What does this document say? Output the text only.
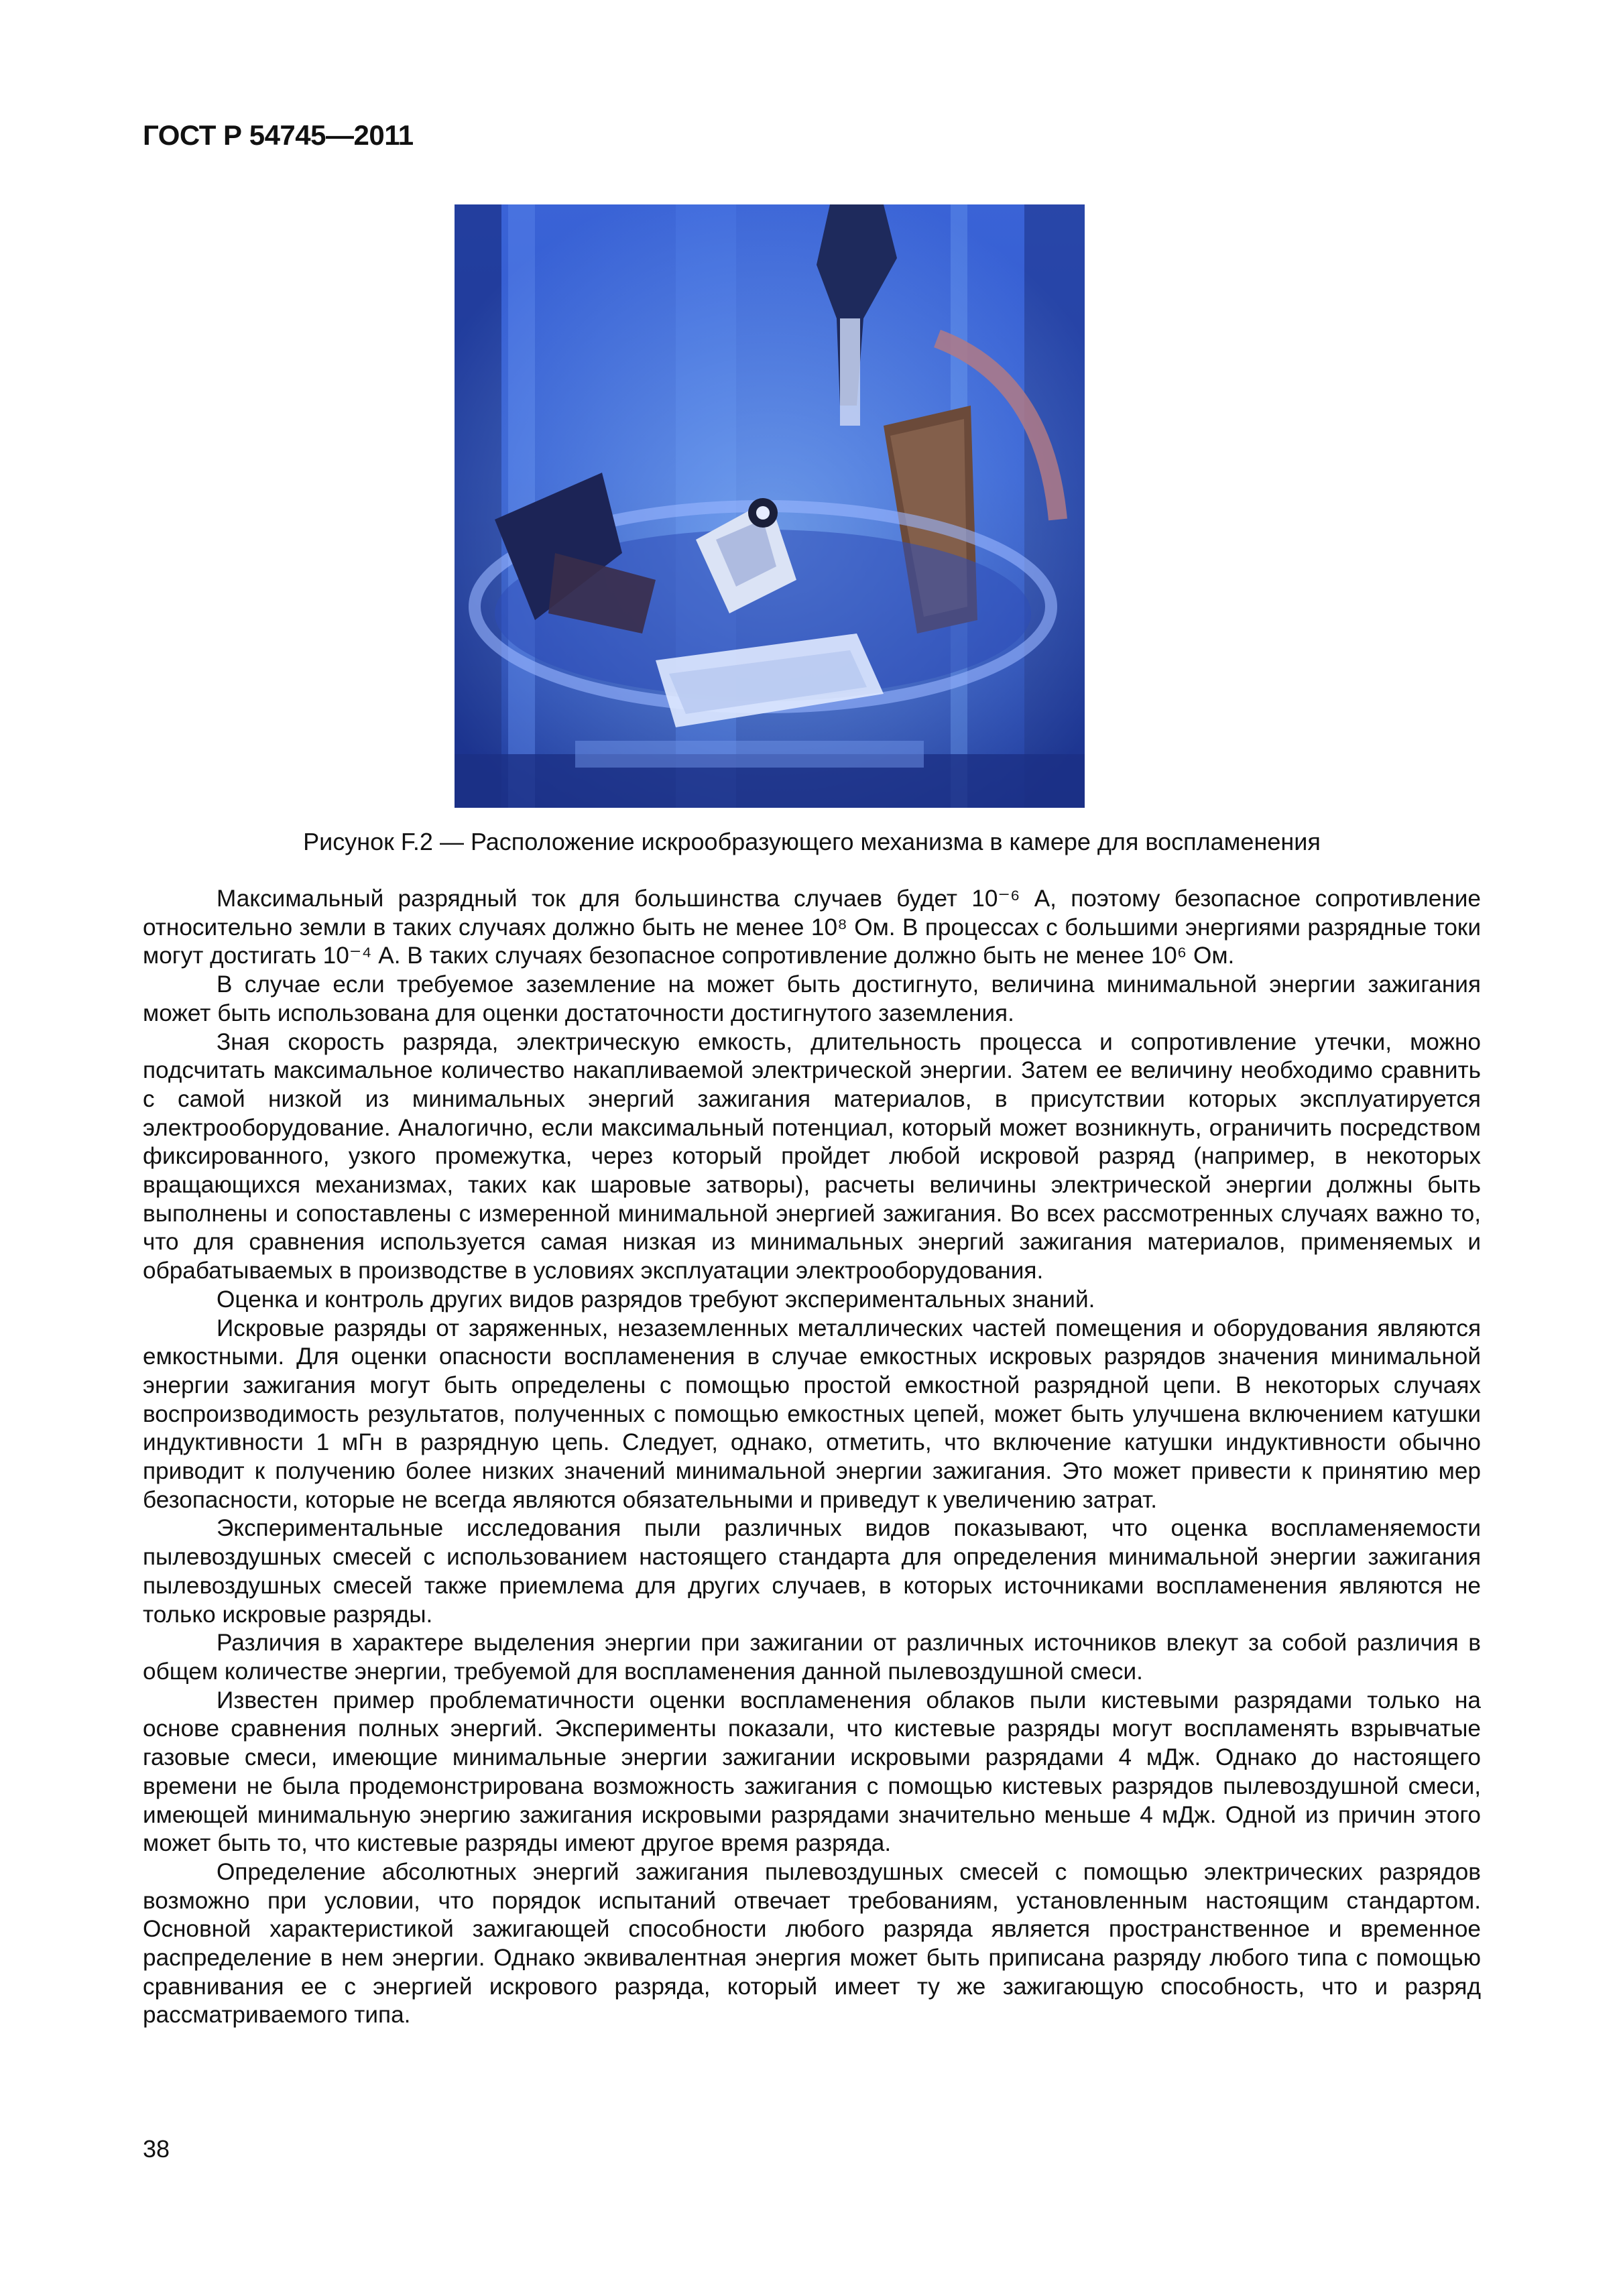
ГОСТ Р 54745—2011
Рисунок F.2 — Расположение искрообразующего механизма в камере для воспламенения

Максимальный разрядный ток для большинства случаев будет 10⁻⁶ А, поэтому безопасное сопротивление относительно земли в таких случаях должно быть не менее 10⁸ Ом. В процессах с большими энергиями разрядные токи могут достигать 10⁻⁴ А. В таких случаях безопасное сопротивление должно быть не менее 10⁶ Ом.

В случае если требуемое заземление на может быть достигнуто, величина минимальной энергии зажигания может быть использована для оценки достаточности достигнутого заземления.

Зная скорость разряда, электрическую емкость, длительность процесса и сопротивление утечки, можно подсчитать максимальное количество накапливаемой электрической энергии. Затем ее величину необходимо сравнить с самой низкой из минимальных энергий зажигания материалов, в присутствии которых эксплуатируется электрооборудование. Аналогично, если максимальный потенциал, который может возникнуть, ограничить посредством фиксированного, узкого промежутка, через который пройдет любой искровой разряд (например, в некоторых вращающихся механизмах, таких как шаровые затворы), расчеты величины электрической энергии должны быть выполнены и сопоставлены с измеренной минимальной энергией зажигания. Во всех рассмотренных случаях важно то, что для сравнения используется самая низкая из минимальных энергий зажигания материалов, применяемых и обрабатываемых в производстве в условиях эксплуатации электрооборудования.

Оценка и контроль других видов разрядов требуют экспериментальных знаний.

Искровые разряды от заряженных, незаземленных металлических частей помещения и оборудования являются емкостными. Для оценки опасности воспламенения в случае емкостных искровых разрядов значения минимальной энергии зажигания могут быть определены с помощью простой емкостной разрядной цепи. В некоторых случаях воспроизводимость результатов, полученных с помощью емкостных цепей, может быть улучшена включением катушки индуктивности 1 мГн в разрядную цепь. Следует, однако, отметить, что включение катушки индуктивности обычно приводит к получению более низких значений минимальной энергии зажигания. Это может привести к принятию мер безопасности, которые не всегда являются обязательными и приведут к увеличению затрат.

Экспериментальные исследования пыли различных видов показывают, что оценка воспламеняемости пылевоздушных смесей с использованием настоящего стандарта для определения минимальной энергии зажигания пылевоздушных смесей также приемлема для других случаев, в которых источниками воспламенения являются не только искровые разряды.

Различия в характере выделения энергии при зажигании от различных источников влекут за собой различия в общем количестве энергии, требуемой для воспламенения данной пылевоздушной смеси.

Известен пример проблематичности оценки воспламенения облаков пыли кистевыми разрядами только на основе сравнения полных энергий. Эксперименты показали, что кистевые разряды могут воспламенять взрывчатые газовые смеси, имеющие минимальные энергии зажигании искровыми разрядами 4 мДж. Однако до настоящего времени не была продемонстрирована возможность зажигания с помощью кистевых разрядов пылевоздушной смеси, имеющей минимальную энергию зажигания искровыми разрядами значительно меньше 4 мДж. Одной из причин этого может быть то, что кистевые разряды имеют другое время разряда.

Определение абсолютных энергий зажигания пылевоздушных смесей с помощью электрических разрядов возможно при условии, что порядок испытаний отвечает требованиям, установленным настоящим стандартом. Основной характеристикой зажигающей способности любого разряда является пространственное и временное распределение в нем энергии. Однако эквивалентная энергия может быть приписана разряду любого типа с помощью сравнивания ее с энергией искрового разряда, который имеет ту же зажигающую способность, что и разряд рассматриваемого типа.

38
